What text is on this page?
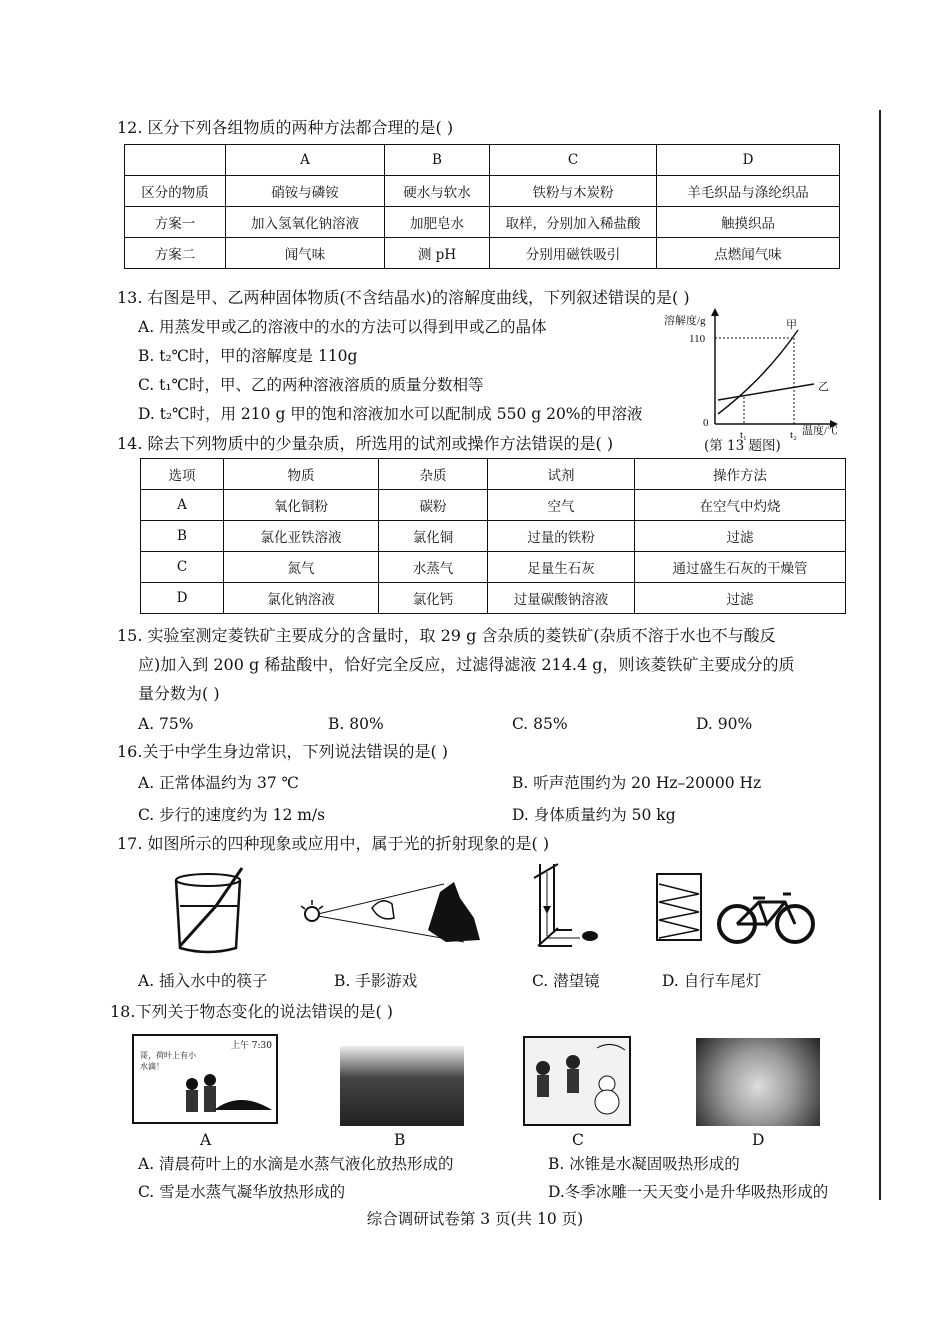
12. 区分下列各组物质的两种方法都合理的是( )
	A	B	C	D
区分的物质	硝铵与磷铵	硬水与软水	铁粉与木炭粉	羊毛织品与涤纶织品
方案一	加入氢氧化钠溶液	加肥皂水	取样，分别加入稀盐酸	触摸织品
方案二	闻气味	测 pH	分别用磁铁吸引	点燃闻气味
13. 右图是甲、乙两种固体物质(不含结晶水)的溶解度曲线，下列叙述错误的是( )
A. 用蒸发甲或乙的溶液中的水的方法可以得到甲或乙的晶体
B. t₂℃时，甲的溶解度是 110g
C. t₁℃时，甲、乙的两种溶液溶质的质量分数相等
D. t₂℃时，用 210 g 甲的饱和溶液加水可以配制成 550 g 20%的甲溶液
溶解度/g
110
0
t₁	t₂ 温度/℃
甲
乙
14. 除去下列物质中的少量杂质，所选用的试剂或操作方法错误的是( )	(第 13 题图)
选项	物质	杂质	试剂	操作方法
A	氧化铜粉	碳粉	空气	在空气中灼烧
B	氯化亚铁溶液	氯化铜	过量的铁粉	过滤
C	氮气	水蒸气	足量生石灰	通过盛生石灰的干燥管
D	氯化钠溶液	氯化钙	过量碳酸钠溶液	过滤
15. 实验室测定菱铁矿主要成分的含量时，取 29 g 含杂质的菱铁矿(杂质不溶于水也不与酸反
应)加入到 200 g 稀盐酸中，恰好完全反应，过滤得滤液 214.4 g，则该菱铁矿主要成分的质
量分数为( )
A. 75%	B. 80%	C. 85%	D. 90%
16.关于中学生身边常识，下列说法错误的是( )
A. 正常体温约为 37 ℃	B. 听声范围约为 20 Hz–20000 Hz
C. 步行的速度约为 12 m/s	D. 身体质量约为 50 kg
17. 如图所示的四种现象或应用中，属于光的折射现象的是( )
A. 插入水中的筷子	B. 手影游戏	C. 潜望镜	D. 自行车尾灯
18.下列关于物态变化的说法错误的是( )
上午 7:30
哥，荷叶上有小水滴！
A	B	C	D
A. 清晨荷叶上的水滴是水蒸气液化放热形成的	B. 冰锥是水凝固吸热形成的
C. 雪是水蒸气凝华放热形成的	D.冬季冰雕一天天变小是升华吸热形成的
综合调研试卷第 3 页(共 10 页)
